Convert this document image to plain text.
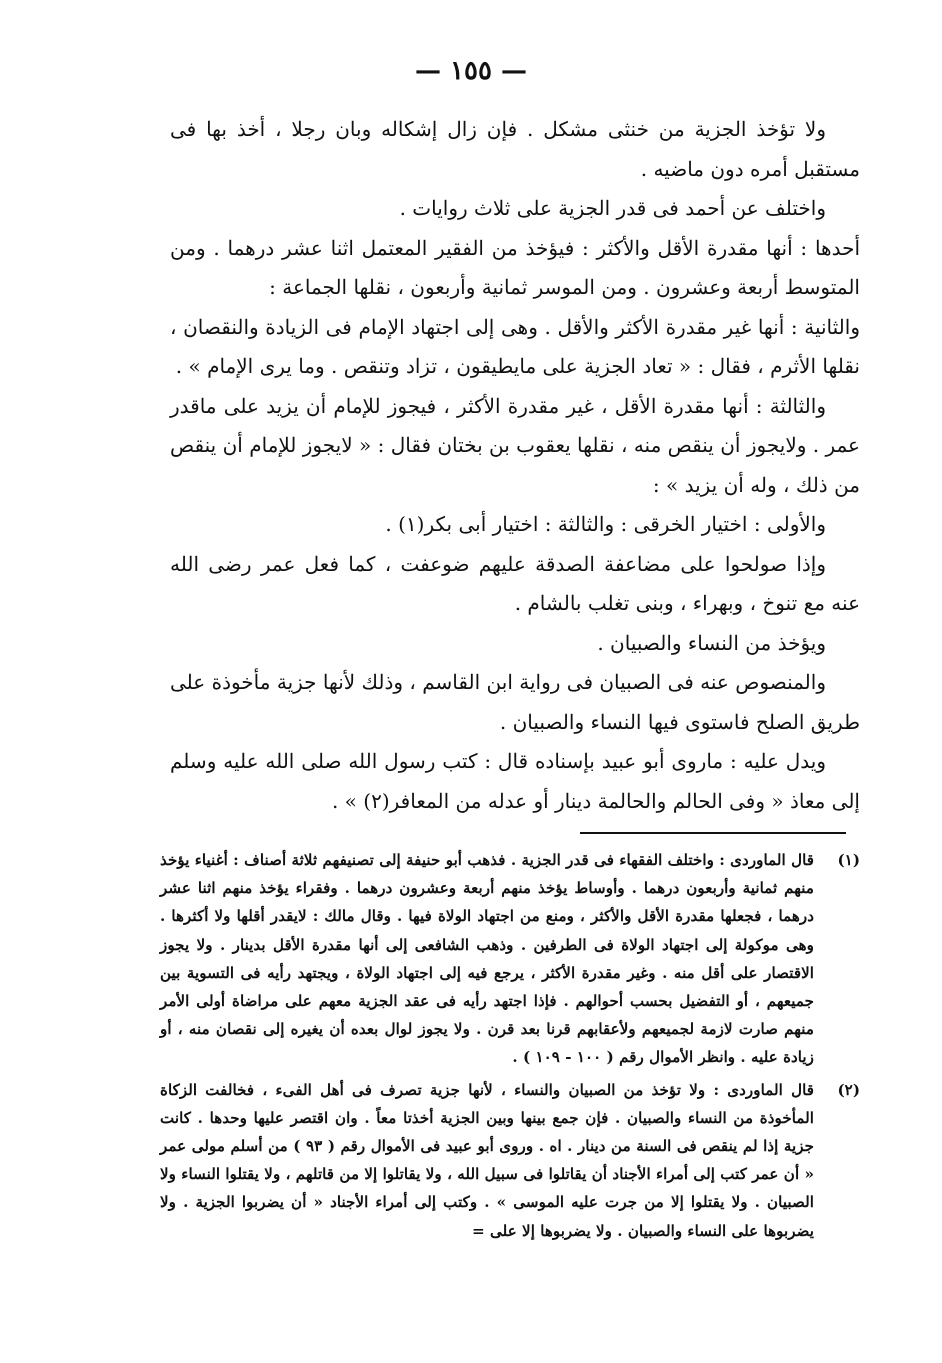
— ١٥٥ —

ولا تؤخذ الجزية من خنثى مشكل . فإن زال إشكاله وبان رجلا ، أخذ بها فى مستقبل أمره دون ماضيه .

واختلف عن أحمد فى قدر الجزية على ثلاث روايات .

أحدها : أنها مقدرة الأقل والأكثر : فيؤخذ من الفقير المعتمل اثنا عشر درهما . ومن المتوسط أربعة وعشرون . ومن الموسر ثمانية وأربعون ، نقلها الجماعة :

والثانية : أنها غير مقدرة الأكثر والأقل . وهى إلى اجتهاد الإمام فى الزيادة والنقصان ، نقلها الأثرم ، فقال : « تعاد الجزية على مايطيقون ، تزاد وتنقص . وما يرى الإمام » .

والثالثة : أنها مقدرة الأقل ، غير مقدرة الأكثر ، فيجوز للإمام أن يزيد على ماقدر عمر . ولايجوز أن ينقص منه ، نقلها يعقوب بن بختان فقال : « لايجوز للإمام أن ينقص من ذلك ، وله أن يزيد » :

والأولى : اختيار الخرقى : والثالثة : اختيار أبى بكر(١) .

وإذا صولحوا على مضاعفة الصدقة عليهم ضوعفت ، كما فعل عمر رضى الله عنه مع تنوخ ، وبهراء ، وبنى تغلب بالشام .

ويؤخذ من النساء والصبيان .

والمنصوص عنه فى الصبيان فى رواية ابن القاسم ، وذلك لأنها جزية مأخوذة على طريق الصلح فاستوى فيها النساء والصبيان .

ويدل عليه : ماروى أبو عبيد بإسناده قال : كتب رسول الله صلى الله عليه وسلم إلى معاذ « وفى الحالم والحالمة دينار أو عدله من المعافر(٢) » .

(١)
قال الماوردى : واختلف الفقهاء فى قدر الجزية . فذهب أبو حنيفة إلى تصنيفهم ثلاثة أصناف : أغنياء يؤخذ منهم ثمانية وأربعون درهما . وأوساط يؤخذ منهم أربعة وعشرون درهما . وفقراء يؤخذ منهم اثنا عشر درهما ، فجعلها مقدرة الأقل والأكثر ، ومنع من اجتهاد الولاة فيها . وقال مالك : لايقدر أقلها ولا أكثرها . وهى موكولة إلى اجتهاد الولاة فى الطرفين . وذهب الشافعى إلى أنها مقدرة الأقل بدينار . ولا يجوز الاقتصار على أقل منه . وغير مقدرة الأكثر ، يرجع فيه إلى اجتهاد الولاة ، ويجتهد رأيه فى التسوية بين جميعهم ، أو التفضيل بحسب أحوالهم . فإذا اجتهد رأيه فى عقد الجزية معهم على مراضاة أولى الأمر منهم صارت لازمة لجميعهم ولأعقابهم قرنا بعد قرن . ولا يجوز لوال بعده أن يغيره إلى نقصان منه ، أو زيادة عليه . وانظر الأموال رقم ( ١٠٠ - ١٠٩ ) .
(٢)
قال الماوردى : ولا تؤخذ من الصبيان والنساء ، لأنها جزية تصرف فى أهل الفىء ، فخالفت الزكاة المأخوذة من النساء والصبيان . فإن جمع بينها وبين الجزية أخذتا معاً . وان اقتصر عليها وحدها . كانت جزية إذا لم ينقص فى السنة من دينار . اه . وروى أبو عبيد فى الأموال رقم ( ٩٣ ) من أسلم مولى عمر « أن عمر كتب إلى أمراء الأجناد أن يقاتلوا فى سبيل الله ، ولا يقاتلوا إلا من قاتلهم ، ولا يقتلوا النساء ولا الصبيان . ولا يقتلوا إلا من جرت عليه الموسى » . وكتب إلى أمراء الأجناد « أن يضربوا الجزية . ولا يضربوها على النساء والصبيان . ولا يضربوها إلا على =
